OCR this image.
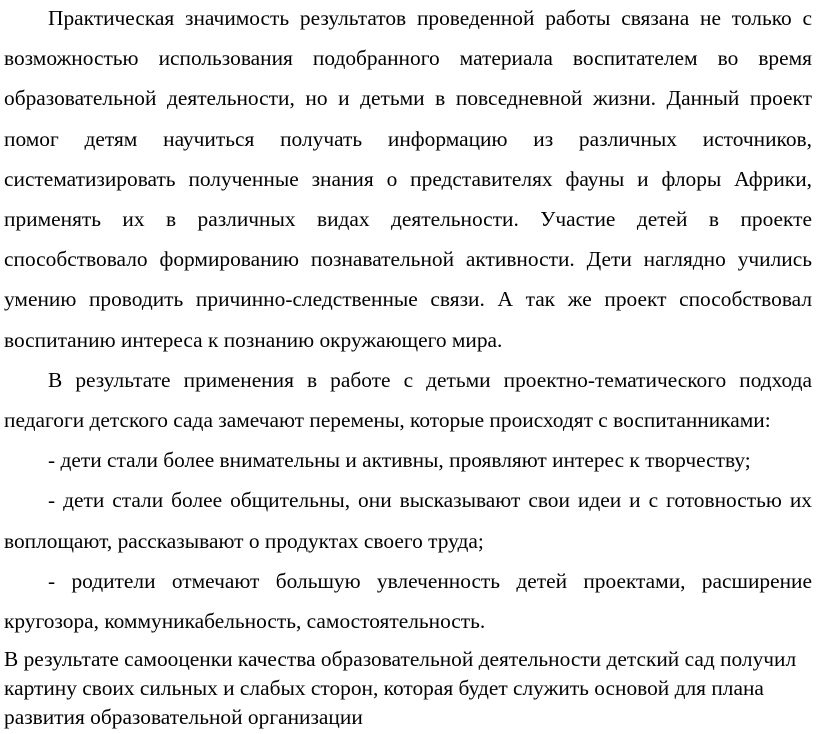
Практическая значимость результатов проведенной работы связана не только с возможностью использования подобранного материала воспитателем во время образовательной деятельности, но и детьми в повседневной жизни. Данный проект помог детям научиться получать информацию из различных источников, систематизировать полученные знания о представителях фауны и флоры Африки, применять их в различных видах деятельности. Участие детей в проекте способствовало формированию познавательной активности. Дети наглядно учились умению проводить причинно-следственные связи. А так же проект способствовал воспитанию интереса к познанию окружающего мира.

В результате применения в работе с детьми проектно-тематического подхода педагоги детского сада замечают перемены, которые происходят с воспитанниками:

- дети стали более внимательны и активны, проявляют интерес к творчеству;

- дети стали более общительны, они высказывают свои идеи и с готовностью их воплощают, рассказывают о продуктах своего труда;

- родители отмечают большую увлеченность детей проектами, расширение кругозора, коммуникабельность, самостоятельность.

В результате самооценки качества образовательной деятельности детский сад получил картину своих сильных и слабых сторон, которая будет служить основой для плана развития образовательной организации
